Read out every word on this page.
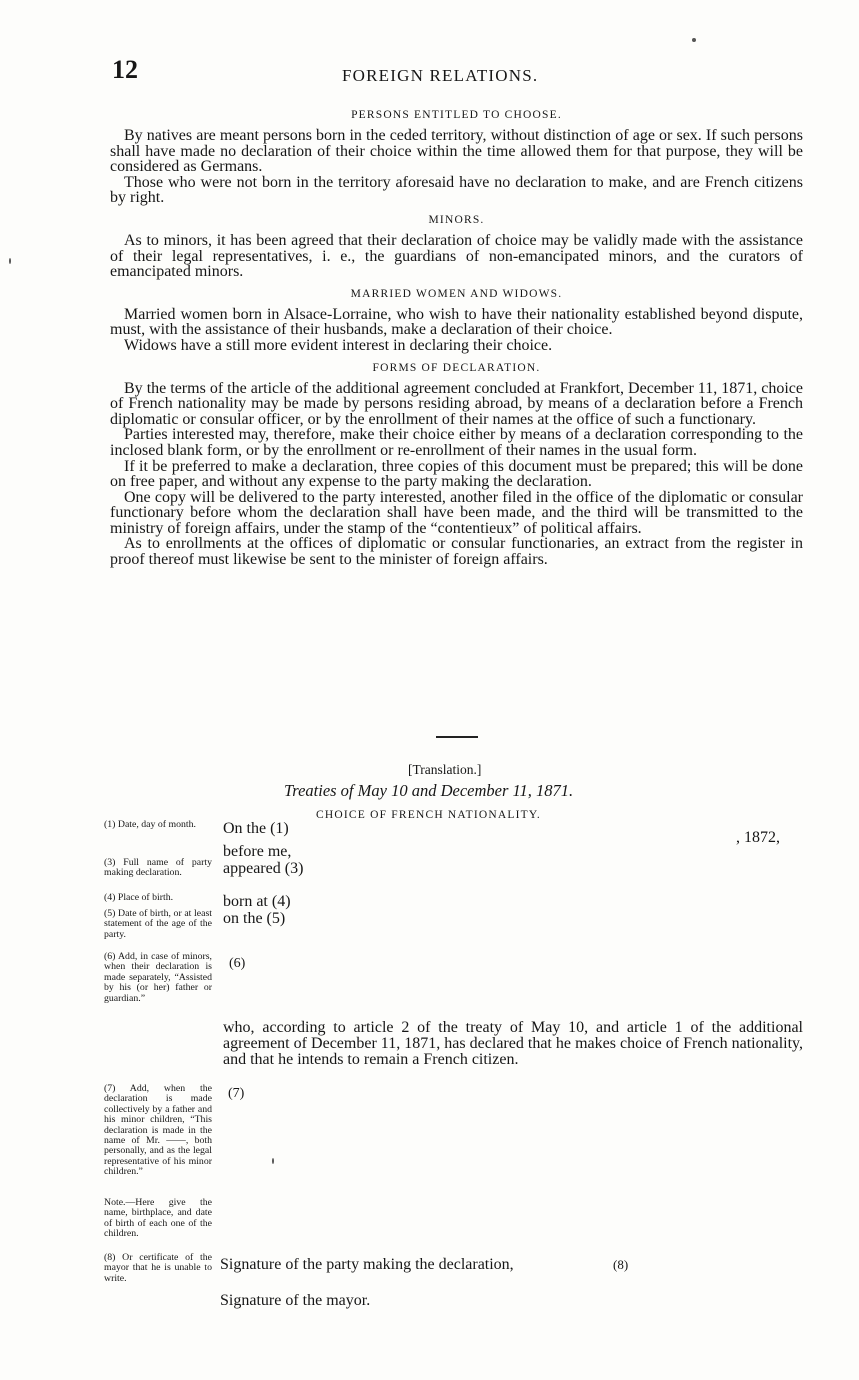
12	FOREIGN RELATIONS.
PERSONS ENTITLED TO CHOOSE.

By natives are meant persons born in the ceded territory, without distinction of age or sex. If such persons shall have made no declaration of their choice within the time allowed them for that purpose, they will be considered as Germans.

Those who were not born in the territory aforesaid have no declaration to make, and are French citizens by right.

MINORS.

As to minors, it has been agreed that their declaration of choice may be validly made with the assistance of their legal representatives, i. e., the guardians of non-emancipated minors, and the curators of emancipated minors.

MARRIED WOMEN AND WIDOWS.

Married women born in Alsace-Lorraine, who wish to have their nationality established beyond dispute, must, with the assistance of their husbands, make a declaration of their choice.

Widows have a still more evident interest in declaring their choice.

FORMS OF DECLARATION.

By the terms of the article of the additional agreement concluded at Frankfort, December 11, 1871, choice of French nationality may be made by persons residing abroad, by means of a declaration before a French diplomatic or consular officer, or by the enrollment of their names at the office of such a functionary.

Parties interested may, therefore, make their choice either by means of a declaration corresponding to the inclosed blank form, or by the enrollment or re-enrollment of their names in the usual form.

If it be preferred to make a declaration, three copies of this document must be prepared; this will be done on free paper, and without any expense to the party making the declaration.

One copy will be delivered to the party interested, another filed in the office of the diplomatic or consular functionary before whom the declaration shall have been made, and the third will be transmitted to the ministry of foreign affairs, under the stamp of the “contentieux” of political affairs.

As to enrollments at the offices of diplomatic or consular functionaries, an extract from the register in proof thereof must likewise be sent to the minister of foreign affairs.

[Translation.]
Treaties of May 10 and December 11, 1871.
CHOICE OF FRENCH NATIONALITY.
(1) Date, day of month.
(3) Full name of party making declaration.
(4) Place of birth.
(5) Date of birth, or at least statement of the age of the party.
(6) Add, in case of minors, when their declaration is made separately, “Assisted by his (or her) father or guardian.”
(7) Add, when the declaration is made collectively by a father and his minor children, “This declaration is made in the name of Mr. ——, both personally, and as the legal representative of his minor children.”
Note.—Here give the name, birthplace, and date of birth of each one of the children.
(8) Or certificate of the mayor that he is unable to write.
On the (1)
, 1872,
before me,
appeared (3)
born at (4)
on the (5)
(6)

who, according to article 2 of the treaty of May 10, and article 1 of the additional agreement of December 11, 1871, has declared that he makes choice of French nationality, and that he intends to remain a French citizen.

(7)
Signature of the party making the declaration,	(8)
Signature of the mayor.
